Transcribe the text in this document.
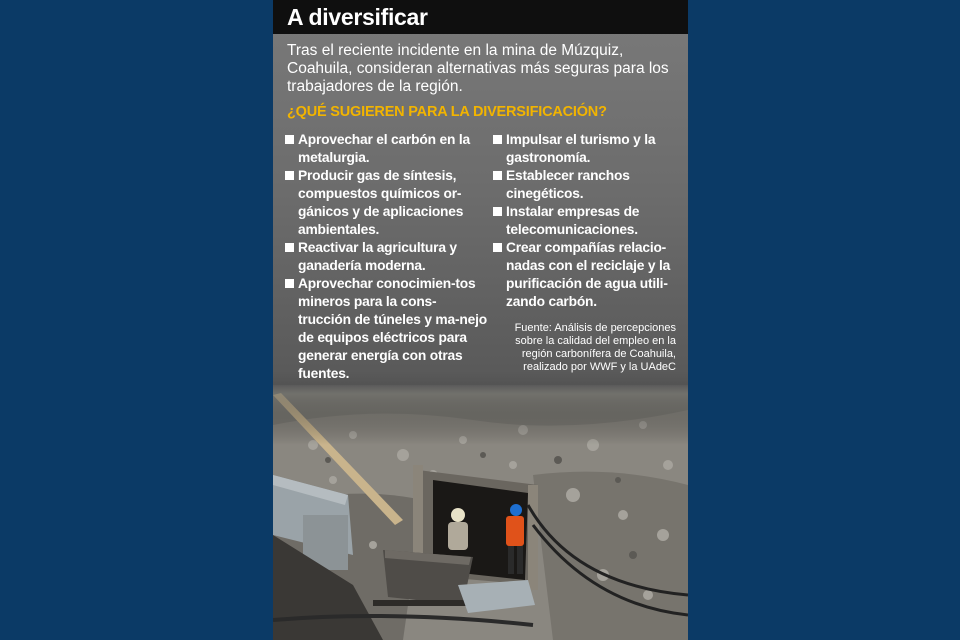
A diversificar
Tras el reciente incidente en la mina de Múzquiz, Coahuila, consideran alternativas más seguras para los trabajadores de la región.
¿QUÉ SUGIEREN PARA LA DIVERSIFICACIÓN?
Aprovechar el carbón en la metalurgia.
Producir gas de síntesis, compuestos químicos or-gánicos y de aplicaciones ambientales.
Reactivar la agricultura y ganadería moderna.
Aprovechar conocimien-tos mineros para la cons-trucción de túneles y ma-nejo de equipos eléctricos para generar energía con otras fuentes.
Impulsar el turismo y la gastronomía.
Establecer ranchos cinegéticos.
Instalar empresas de telecomunicaciones.
Crear compañías relacio-nadas con el reciclaje y la purificación de agua utili-zando carbón.
Fuente: Análisis de percepciones sobre la calidad del empleo en la región carbonífera de Coahuila, realizado por WWF y la UAdeC
